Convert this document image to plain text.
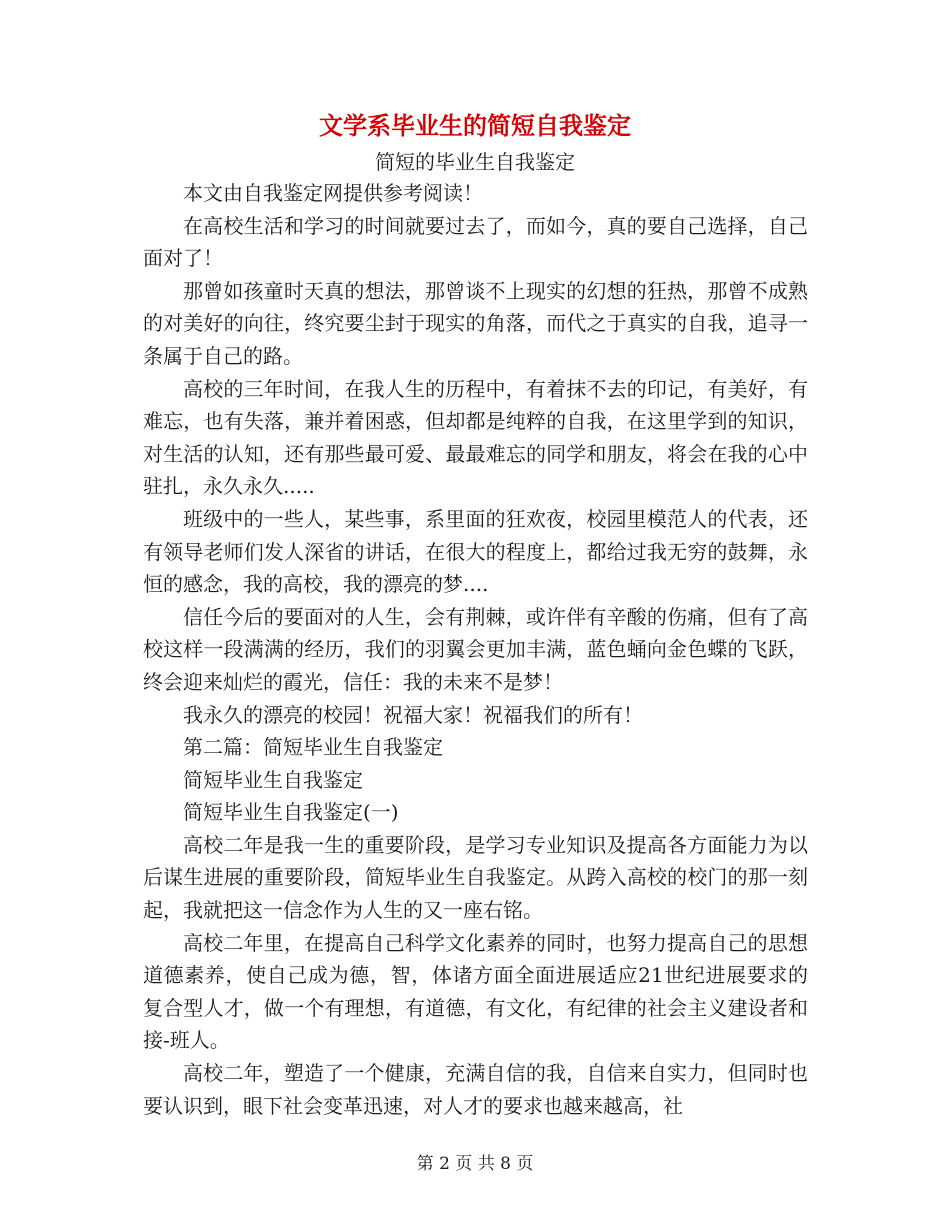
文学系毕业生的简短自我鉴定
简短的毕业生自我鉴定

本文由自我鉴定网提供参考阅读！

在高校生活和学习的时间就要过去了，而如今，真的要自己选择，自己面对了！

那曾如孩童时天真的想法，那曾谈不上现实的幻想的狂热，那曾不成熟的对美好的向往，终究要尘封于现实的角落，而代之于真实的自我，追寻一条属于自己的路。

高校的三年时间，在我人生的历程中，有着抹不去的印记，有美好，有难忘，也有失落，兼并着困惑，但却都是纯粹的自我，在这里学到的知识，对生活的认知，还有那些最可爱、最最难忘的同学和朋友，将会在我的心中驻扎，永久永久.....

班级中的一些人，某些事，系里面的狂欢夜，校园里模范人的代表，还有领导老师们发人深省的讲话，在很大的程度上，都给过我无穷的鼓舞，永恒的感念，我的高校，我的漂亮的梦....

信任今后的要面对的人生，会有荆棘，或许伴有辛酸的伤痛，但有了高校这样一段满满的经历，我们的羽翼会更加丰满，蓝色蛹向金色蝶的飞跃，终会迎来灿烂的霞光，信任：我的未来不是梦！

我永久的漂亮的校园！祝福大家！祝福我们的所有！

第二篇：简短毕业生自我鉴定

简短毕业生自我鉴定

简短毕业生自我鉴定(一)

高校二年是我一生的重要阶段，是学习专业知识及提高各方面能力为以后谋生进展的重要阶段，简短毕业生自我鉴定。从跨入高校的校门的那一刻起，我就把这一信念作为人生的又一座右铭。

高校二年里，在提高自己科学文化素养的同时，也努力提高自己的思想道德素养，使自己成为德，智，体诸方面全面进展适应21世纪进展要求的复合型人才，做一个有理想，有道德，有文化，有纪律的社会主义建设者和接-班人。

高校二年，塑造了一个健康，充满自信的我，自信来自实力，但同时也要认识到，眼下社会变革迅速，对人才的要求也越来越高，社

第 2 页 共 8 页
